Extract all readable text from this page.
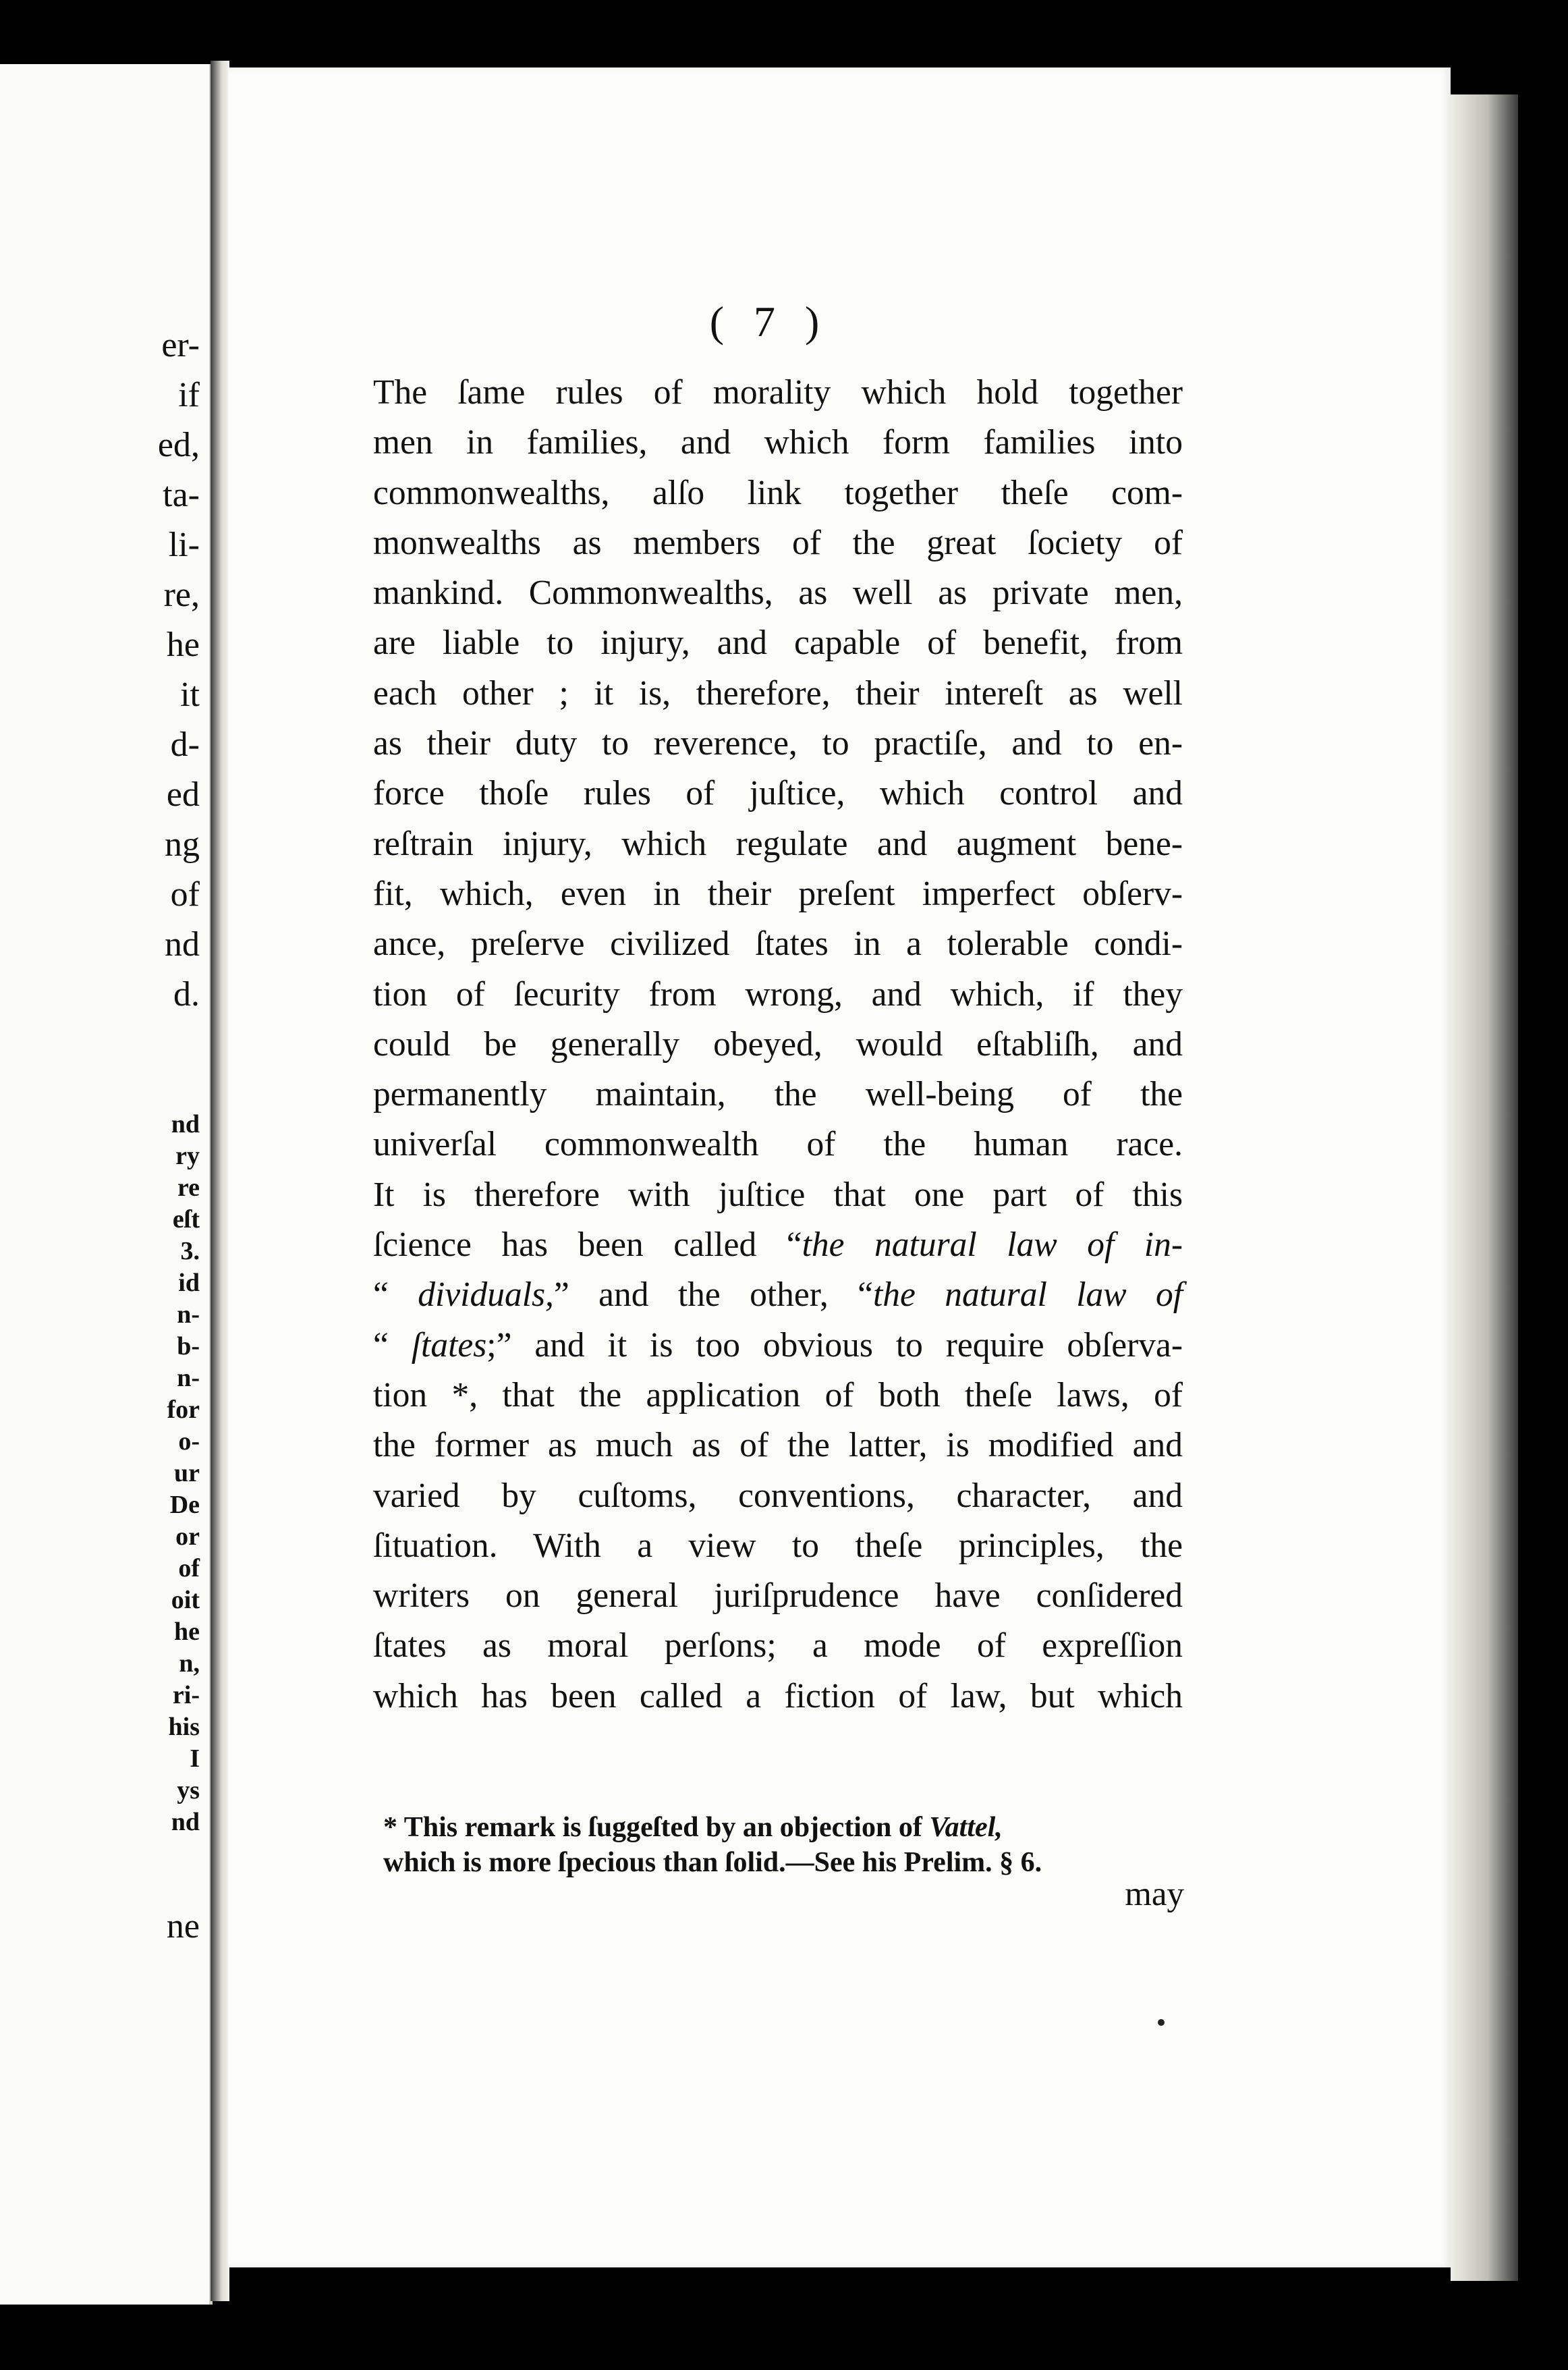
er-
if
ed,
ta-
li-
re,
he
it
d-
ed
ng
of
nd
d.
nd
ry
re
eſt
3.
id
n-
b-
n-
for
o-
ur
De
or
of
oit
he
n,
ri-
his
I
ys
nd
ne
( 7 )
The ſame rules of morality which hold together
men in families, and which form families into
commonwealths, alſo link together theſe com-
monwealths as members of the great ſociety of
mankind. Commonwealths, as well as private men,
are liable to injury, and capable of benefit, from
each other ; it is, therefore, their intereſt as well
as their duty to reverence, to practiſe, and to en-
force thoſe rules of juſtice, which control and
reſtrain injury, which regulate and augment bene-
fit, which, even in their preſent imperfect obſerv-
ance, preſerve civilized ſtates in a tolerable condi-
tion of ſecurity from wrong, and which, if they
could be generally obeyed, would eſtabliſh, and
permanently maintain, the well-being of the
univerſal commonwealth of the human race.
It is therefore with juſtice that one part of this
ſcience has been called “the natural law of in-
“ dividuals,” and the other, “the natural law of
“ ſtates;” and it is too obvious to require obſerva-
tion *, that the application of both theſe laws, of
the former as much as of the latter, is modified and
varied by cuſtoms, conventions, character, and
ſituation. With a view to theſe principles, the
writers on general juriſprudence have conſidered
ſtates as moral perſons; a mode of expreſſion
which has been called a fiction of law, but which
* This remark is ſuggeſted by an objection of Vattel,
which is more ſpecious than ſolid.—See his Prelim. § 6.
may
